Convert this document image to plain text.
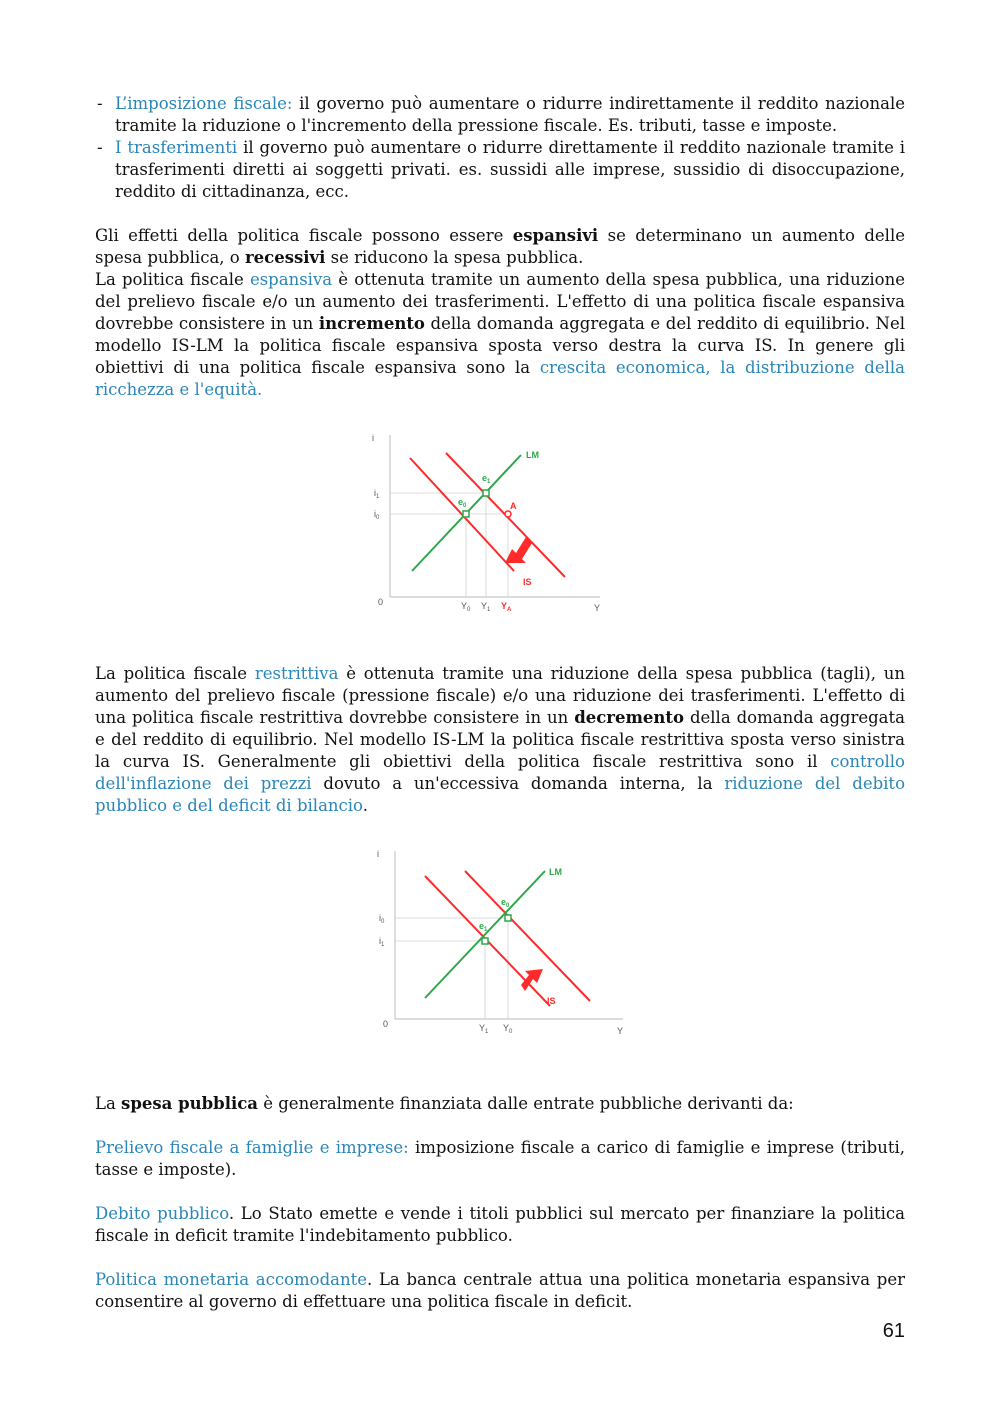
- L’imposizione fiscale: il governo può aumentare o ridurre indirettamente il reddito nazionale tramite la riduzione o l'incremento della pressione fiscale. Es. tributi, tasse e imposte.
- I trasferimenti il governo può aumentare o ridurre direttamente il reddito nazionale tramite i trasferimenti diretti ai soggetti privati. es. sussidi alle imprese, sussidio di disoccupazione, reddito di cittadinanza, ecc.

Gli effetti della politica fiscale possono essere espansivi se determinano un aumento delle spesa pubblica, o recessivi se riducono la spesa pubblica.

La politica fiscale espansiva è ottenuta tramite un aumento della spesa pubblica, una riduzione del prelievo fiscale e/o un aumento dei trasferimenti. L'effetto di una politica fiscale espansiva dovrebbe consistere in un incremento della domanda aggregata e del reddito di equilibrio. Nel modello IS-LM la politica fiscale espansiva sposta verso destra la curva IS. In genere gli obiettivi di una politica fiscale espansiva sono la crescita economica, la distribuzione della ricchezza e l'equità.

i
Y
0
LM
IS
A
$e_1$
$e_0$
$i_1$
$i_0$
$Y_0$ $Y_1$ $Y_A$

La politica fiscale restrittiva è ottenuta tramite una riduzione della spesa pubblica (tagli), un aumento del prelievo fiscale (pressione fiscale) e/o una riduzione dei trasferimenti. L'effetto di una politica fiscale restrittiva dovrebbe consistere in un decremento della domanda aggregata e del reddito di equilibrio. Nel modello IS-LM la politica fiscale restrittiva sposta verso sinistra la curva IS. Generalmente gli obiettivi della politica fiscale restrittiva sono il controllo dell'inflazione dei prezzi dovuto a un'eccessiva domanda interna, la riduzione del debito pubblico e del deficit di bilancio.

i
Y
0
LM
IS
$e_0$
$e_1$
$i_0$
$i_1$
$Y_1$ $Y_0$

La spesa pubblica è generalmente finanziata dalle entrate pubbliche derivanti da:

Prelievo fiscale a famiglie e imprese: imposizione fiscale a carico di famiglie e imprese (tributi, tasse e imposte).

Debito pubblico. Lo Stato emette e vende i titoli pubblici sul mercato per finanziare la politica fiscale in deficit tramite l'indebitamento pubblico.

Politica monetaria accomodante. La banca centrale attua una politica monetaria espansiva per consentire al governo di effettuare una politica fiscale in deficit.

61
